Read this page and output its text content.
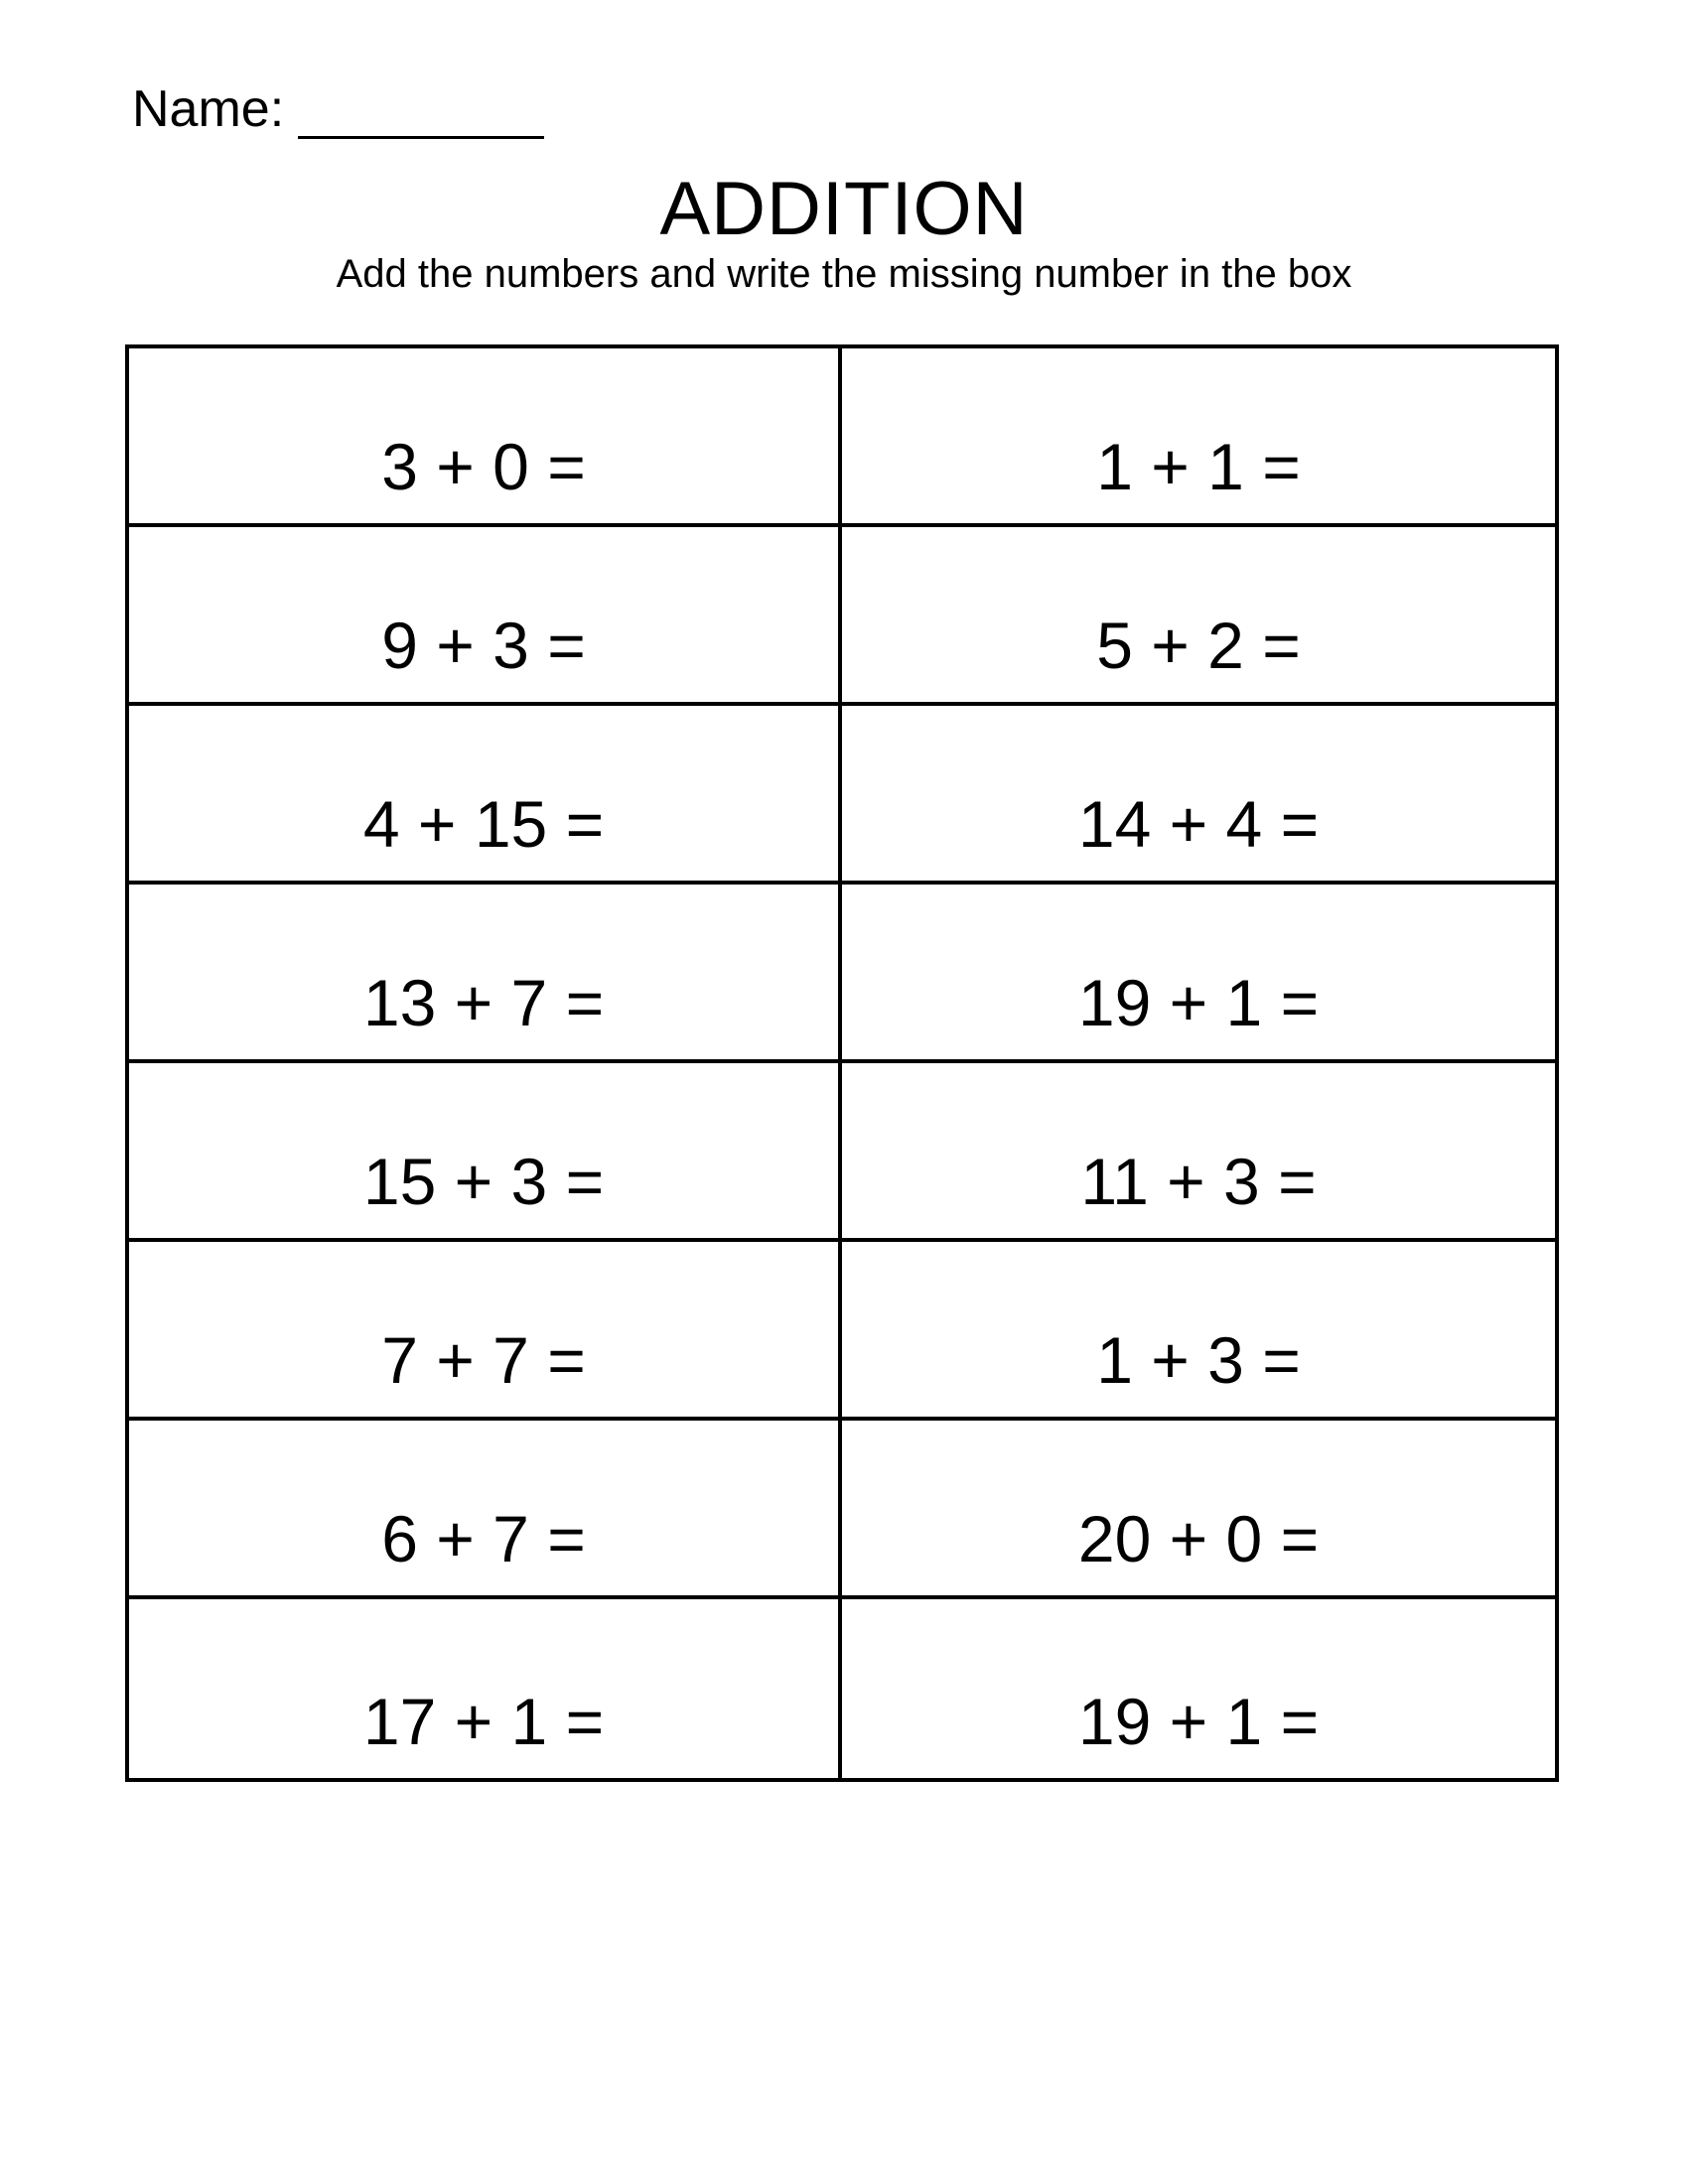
Name:
ADDITION
Add the numbers and write the missing number in the box
3 + 0 =	1 + 1 =
9 + 3 =	5 + 2 =
4 + 15 =	14 + 4 =
13 + 7 =	19 + 1 =
15 + 3 =	11 + 3 =
7 + 7 =	1 + 3 =
6 + 7 =	20 + 0 =
17 + 1 =	19 + 1 =
